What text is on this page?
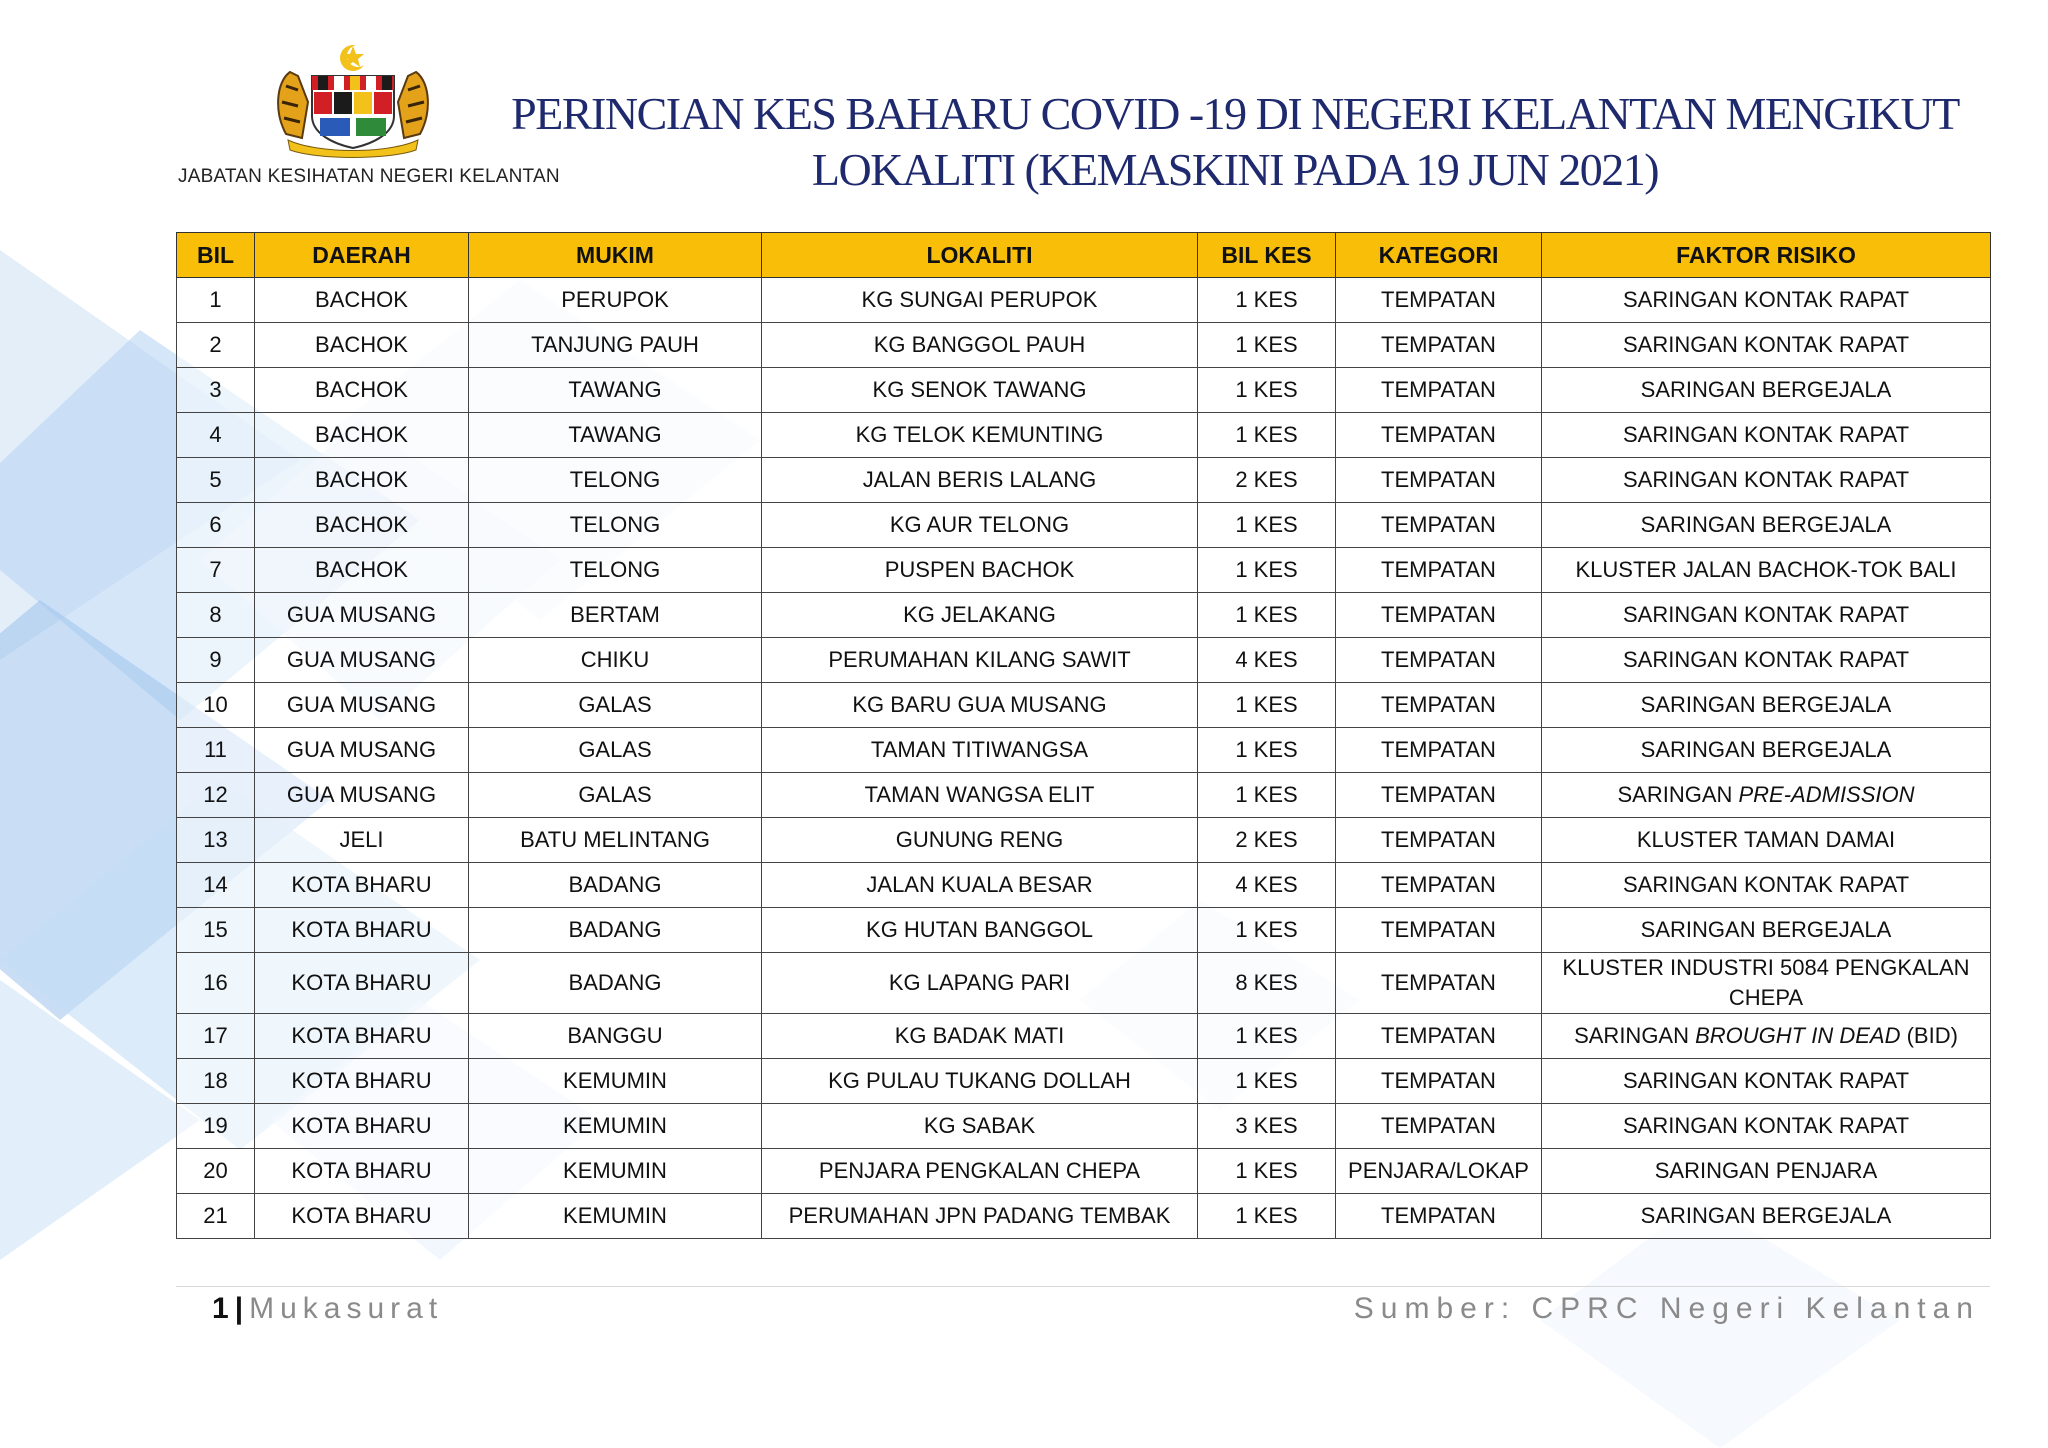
JABATAN KESIHATAN NEGERI KELANTAN
PERINCIAN KES BAHARU COVID -19 DI NEGERI KELANTAN MENGIKUT
LOKALITI (KEMASKINI PADA 19 JUN 2021)
BIL	DAERAH	MUKIM	LOKALITI	BIL KES	KATEGORI	FAKTOR RISIKO
1	BACHOK	PERUPOK	KG SUNGAI PERUPOK	1 KES	TEMPATAN	SARINGAN KONTAK RAPAT
2	BACHOK	TANJUNG PAUH	KG BANGGOL PAUH	1 KES	TEMPATAN	SARINGAN KONTAK RAPAT
3	BACHOK	TAWANG	KG SENOK TAWANG	1 KES	TEMPATAN	SARINGAN BERGEJALA
4	BACHOK	TAWANG	KG TELOK KEMUNTING	1 KES	TEMPATAN	SARINGAN KONTAK RAPAT
5	BACHOK	TELONG	JALAN BERIS LALANG	2 KES	TEMPATAN	SARINGAN KONTAK RAPAT
6	BACHOK	TELONG	KG AUR TELONG	1 KES	TEMPATAN	SARINGAN BERGEJALA
7	BACHOK	TELONG	PUSPEN BACHOK	1 KES	TEMPATAN	KLUSTER JALAN BACHOK-TOK BALI
8	GUA MUSANG	BERTAM	KG JELAKANG	1 KES	TEMPATAN	SARINGAN KONTAK RAPAT
9	GUA MUSANG	CHIKU	PERUMAHAN KILANG SAWIT	4 KES	TEMPATAN	SARINGAN KONTAK RAPAT
10	GUA MUSANG	GALAS	KG BARU GUA MUSANG	1 KES	TEMPATAN	SARINGAN BERGEJALA
11	GUA MUSANG	GALAS	TAMAN TITIWANGSA	1 KES	TEMPATAN	SARINGAN BERGEJALA
12	GUA MUSANG	GALAS	TAMAN WANGSA ELIT	1 KES	TEMPATAN	SARINGAN PRE-ADMISSION
13	JELI	BATU MELINTANG	GUNUNG RENG	2 KES	TEMPATAN	KLUSTER TAMAN DAMAI
14	KOTA BHARU	BADANG	JALAN KUALA BESAR	4 KES	TEMPATAN	SARINGAN KONTAK RAPAT
15	KOTA BHARU	BADANG	KG HUTAN BANGGOL	1 KES	TEMPATAN	SARINGAN BERGEJALA
16	KOTA BHARU	BADANG	KG LAPANG PARI	8 KES	TEMPATAN	KLUSTER INDUSTRI 5084 PENGKALAN CHEPA
17	KOTA BHARU	BANGGU	KG BADAK MATI	1 KES	TEMPATAN	SARINGAN BROUGHT IN DEAD (BID)
18	KOTA BHARU	KEMUMIN	KG PULAU TUKANG DOLLAH	1 KES	TEMPATAN	SARINGAN KONTAK RAPAT
19	KOTA BHARU	KEMUMIN	KG SABAK	3 KES	TEMPATAN	SARINGAN KONTAK RAPAT
20	KOTA BHARU	KEMUMIN	PENJARA PENGKALAN CHEPA	1 KES	PENJARA/LOKAP	SARINGAN PENJARA
21	KOTA BHARU	KEMUMIN	PERUMAHAN JPN PADANG TEMBAK	1 KES	TEMPATAN	SARINGAN BERGEJALA
1 | Mukasurat	Sumber: CPRC Negeri Kelantan
